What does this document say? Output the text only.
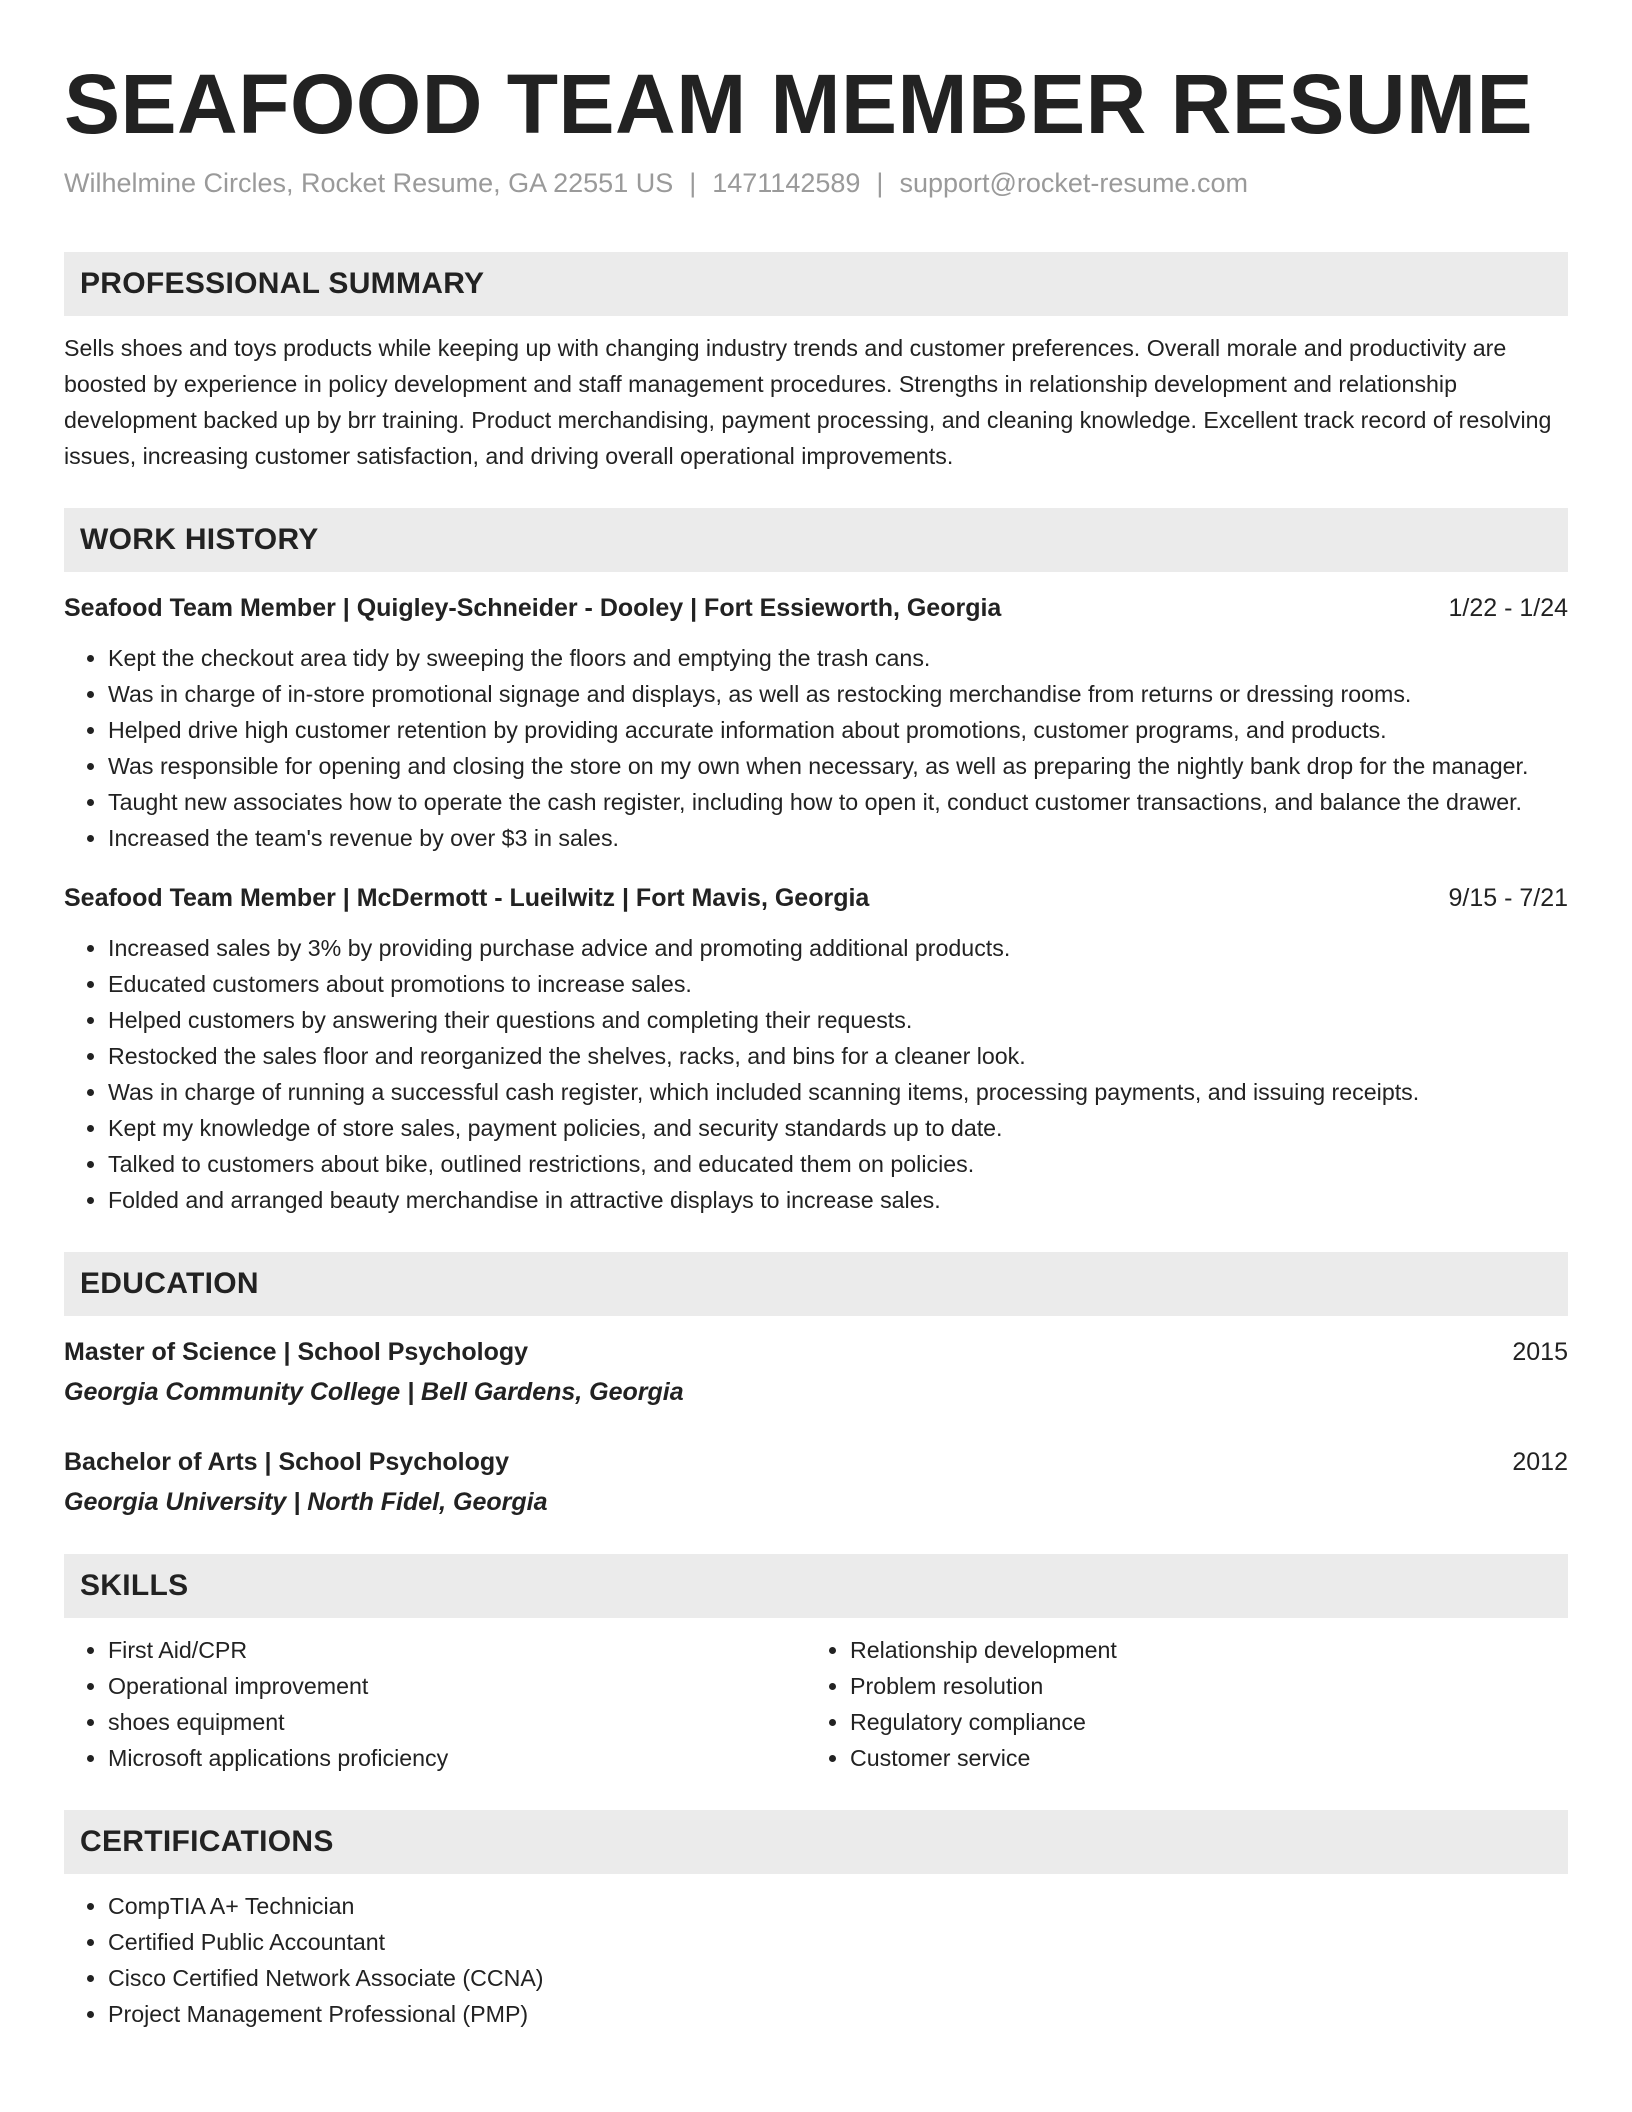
SEAFOOD TEAM MEMBER RESUME
Wilhelmine Circles, Rocket Resume, GA 22551 US | 1471142589 | support@rocket-resume.com
PROFESSIONAL SUMMARY

Sells shoes and toys products while keeping up with changing industry trends and customer preferences. Overall morale and productivity are boosted by experience in policy development and staff management procedures. Strengths in relationship development and relationship development backed up by brr training. Product merchandising, payment processing, and cleaning knowledge. Excellent track record of resolving issues, increasing customer satisfaction, and driving overall operational improvements.

WORK HISTORY
Seafood Team Member | Quigley-Schneider - Dooley | Fort Essieworth, Georgia	1/22 - 1/24
• Kept the checkout area tidy by sweeping the floors and emptying the trash cans.
• Was in charge of in-store promotional signage and displays, as well as restocking merchandise from returns or dressing rooms.
• Helped drive high customer retention by providing accurate information about promotions, customer programs, and products.
• Was responsible for opening and closing the store on my own when necessary, as well as preparing the nightly bank drop for the manager.
• Taught new associates how to operate the cash register, including how to open it, conduct customer transactions, and balance the drawer.
• Increased the team's revenue by over $3 in sales.
Seafood Team Member | McDermott - Lueilwitz | Fort Mavis, Georgia	9/15 - 7/21
• Increased sales by 3% by providing purchase advice and promoting additional products.
• Educated customers about promotions to increase sales.
• Helped customers by answering their questions and completing their requests.
• Restocked the sales floor and reorganized the shelves, racks, and bins for a cleaner look.
• Was in charge of running a successful cash register, which included scanning items, processing payments, and issuing receipts.
• Kept my knowledge of store sales, payment policies, and security standards up to date.
• Talked to customers about bike, outlined restrictions, and educated them on policies.
• Folded and arranged beauty merchandise in attractive displays to increase sales.
EDUCATION
Master of Science | School Psychology	2015
Georgia Community College | Bell Gardens, Georgia
Bachelor of Arts | School Psychology	2012
Georgia University | North Fidel, Georgia
SKILLS
• First Aid/CPR
• Operational improvement
• shoes equipment
• Microsoft applications proficiency
• Relationship development
• Problem resolution
• Regulatory compliance
• Customer service
CERTIFICATIONS
• CompTIA A+ Technician
• Certified Public Accountant
• Cisco Certified Network Associate (CCNA)
• Project Management Professional (PMP)
